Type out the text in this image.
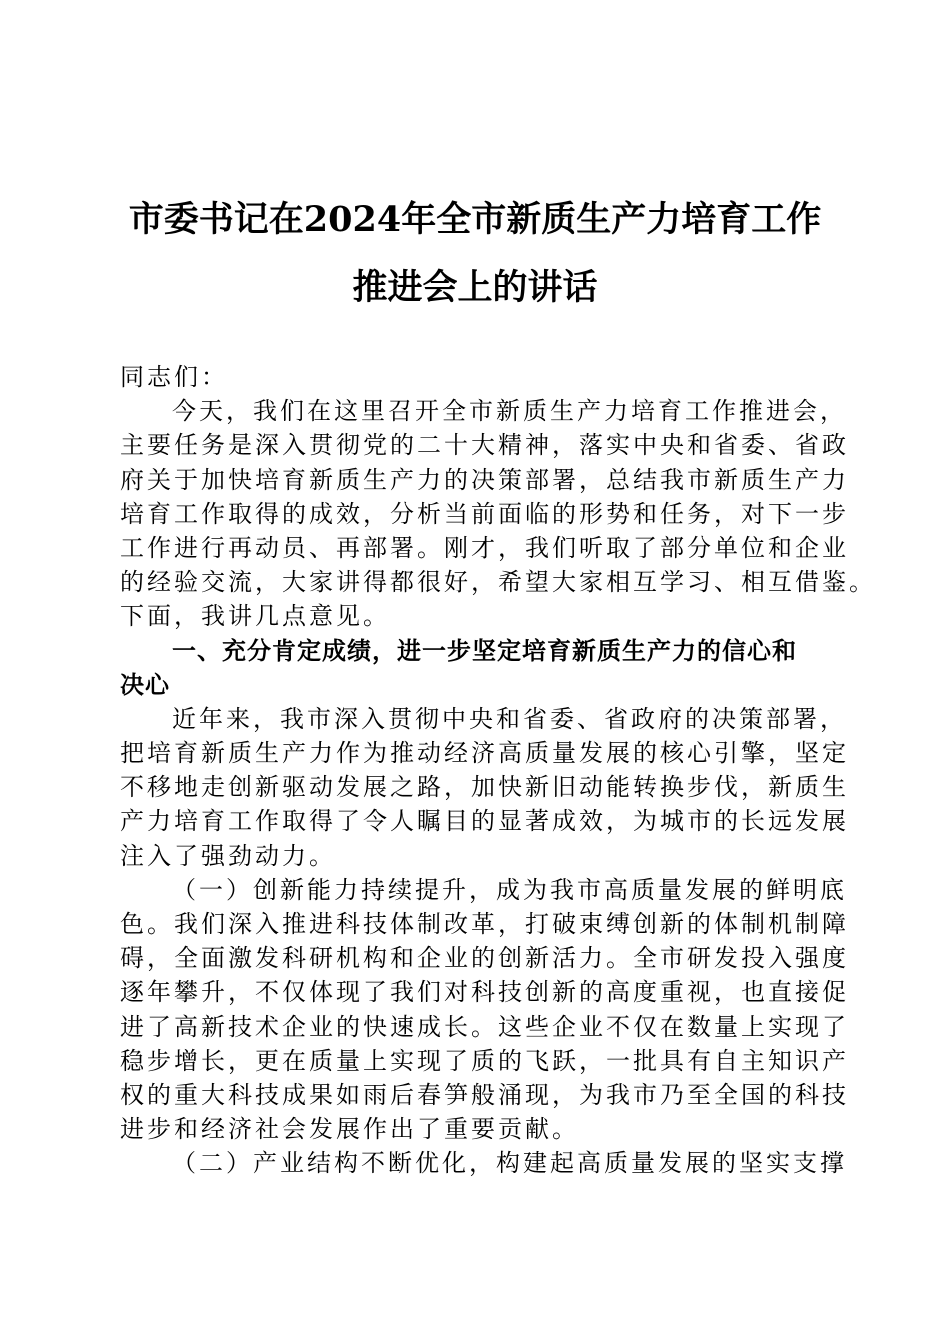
市委书记在2024年全市新质生产力培育工作
推进会上的讲话
同志们：
今天，我们在这里召开全市新质生产力培育工作推进会，
主要任务是深入贯彻党的二十大精神，落实中央和省委、省政
府关于加快培育新质生产力的决策部署，总结我市新质生产力
培育工作取得的成效，分析当前面临的形势和任务，对下一步
工作进行再动员、再部署。刚才，我们听取了部分单位和企业
的经验交流，大家讲得都很好，希望大家相互学习、相互借鉴。
下面，我讲几点意见。
一、充分肯定成绩，进一步坚定培育新质生产力的信心和
决心
近年来，我市深入贯彻中央和省委、省政府的决策部署，
把培育新质生产力作为推动经济高质量发展的核心引擎，坚定
不移地走创新驱动发展之路，加快新旧动能转换步伐，新质生
产力培育工作取得了令人瞩目的显著成效，为城市的长远发展
注入了强劲动力。
（一）创新能力持续提升，成为我市高质量发展的鲜明底
色。我们深入推进科技体制改革，打破束缚创新的体制机制障
碍，全面激发科研机构和企业的创新活力。全市研发投入强度
逐年攀升，不仅体现了我们对科技创新的高度重视，也直接促
进了高新技术企业的快速成长。这些企业不仅在数量上实现了
稳步增长，更在质量上实现了质的飞跃，一批具有自主知识产
权的重大科技成果如雨后春笋般涌现，为我市乃至全国的科技
进步和经济社会发展作出了重要贡献。
（二）产业结构不断优化，构建起高质量发展的坚实支撑
